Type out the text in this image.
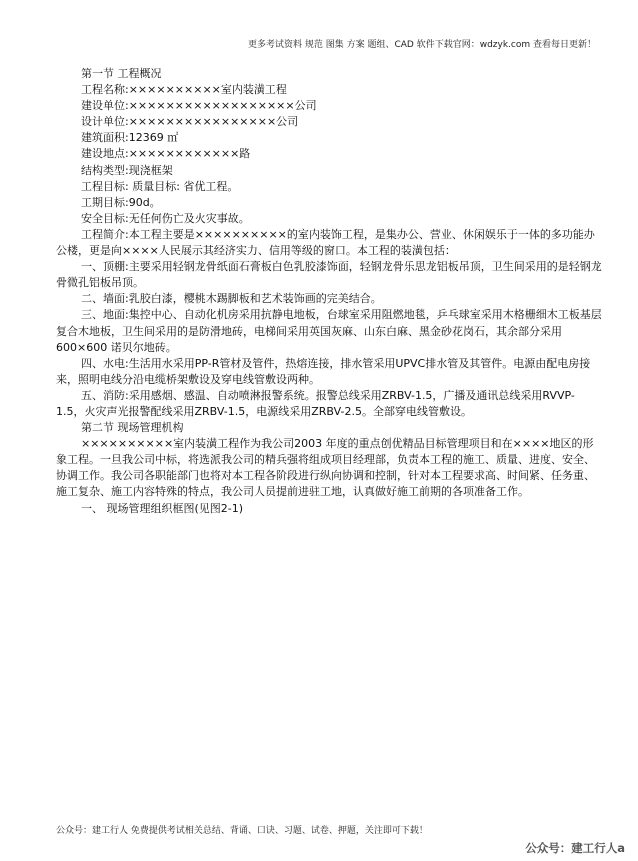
更多考试资料 规范 图集 方案 题组、CAD 软件下载官网：wdzyk.com 查看每日更新！

第一节 工程概况

工程名称:××××××××××室内装潢工程

建设单位:××××××××××××××××××公司

设计单位:××××××××××××××××公司

建筑面积:12369 ㎡

建设地点:××××××××××××路

结构类型:现浇框架

工程目标: 质量目标: 省优工程。

工期目标:90d。

安全目标:无任何伤亡及火灾事故。

工程简介:本工程主要是××××××××××的室内装饰工程，是集办公、营业、休闲娱乐于一体的多功能办公楼，更是向××××人民展示其经济实力、信用等级的窗口。本工程的装潢包括：

一、顶棚:主要采用轻钢龙骨纸面石膏板白色乳胶漆饰面，轻钢龙骨乐思龙铝板吊顶，卫生间采用的是轻钢龙骨微孔铝板吊顶。

二、墙面:乳胶白漆，樱桃木踢脚板和艺术装饰画的完美结合。

三、地面:集控中心、自动化机房采用抗静电地板，台球室采用阻燃地毯，乒乓球室采用木格栅细木工板基层复合木地板，卫生间采用的是防滑地砖，电梯间采用英国灰麻、山东白麻、黑金砂花岗石，其余部分采用600×600 诺贝尔地砖。

四、水电:生活用水采用PP-R管材及管件，热熔连接，排水管采用UPVC排水管及其管件。电源由配电房接来，照明电线分沿电缆桥架敷设及穿电线管敷设两种。

五、消防:采用感烟、感温、自动喷淋报警系统。报警总线采用ZRBV-1.5，广播及通讯总线采用RVVP-1.5，火灾声光报警配线采用ZRBV-1.5，电源线采用ZRBV-2.5。全部穿电线管敷设。

第二节 现场管理机构

××××××××××室内装潢工程作为我公司2003 年度的重点创优精品目标管理项目和在××××地区的形象工程。一旦我公司中标，将选派我公司的精兵强将组成项目经理部，负责本工程的施工、质量、进度、安全、协调工作。我公司各职能部门也将对本工程各阶段进行纵向协调和控制，针对本工程要求高、时间紧、任务重、施工复杂、施工内容特殊的特点，我公司人员提前进驻工地，认真做好施工前期的各项准备工作。

一、 现场管理组织框图(见图2-1)

公众号：建工行人 免费提供考试相关总结、背诵、口诀、习题、试卷、押题，关注即可下载！
公众号：建工行人a
